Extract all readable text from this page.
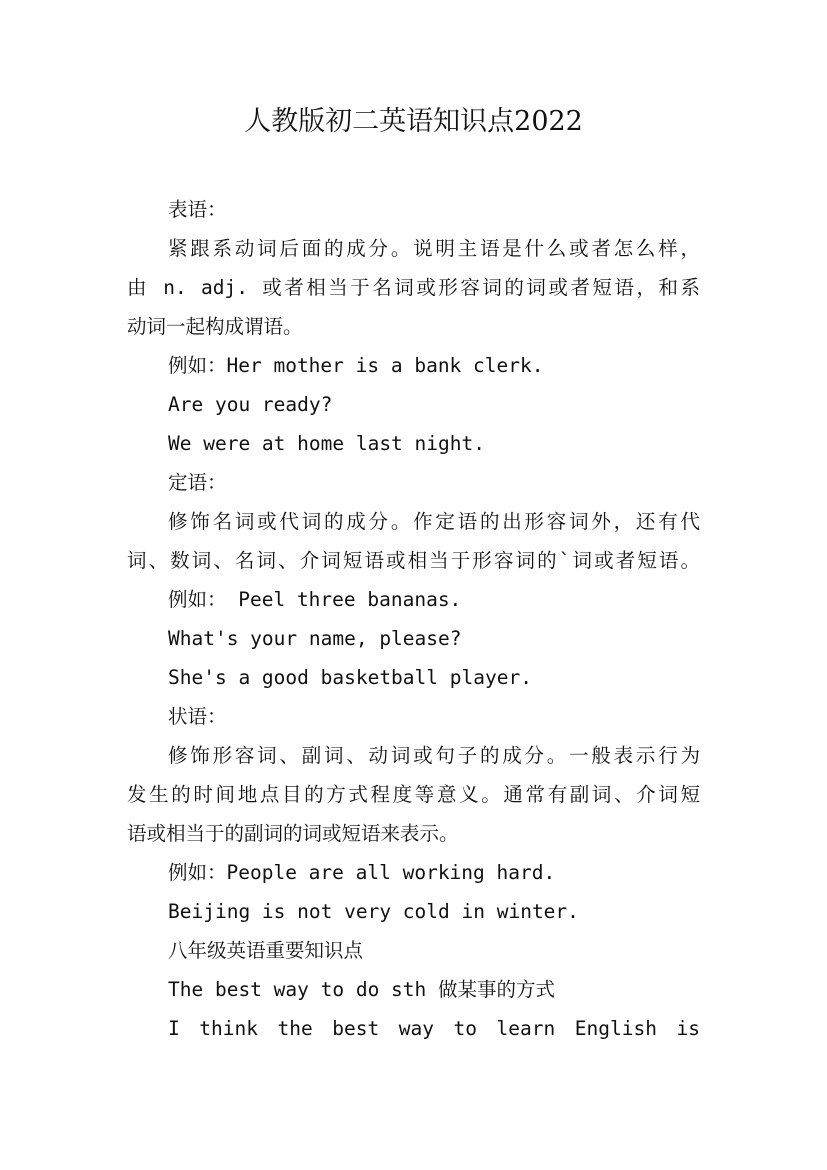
人教版初二英语知识点2022
表语：
紧跟系动词后面的成分。说明主语是什么或者怎么样，
由 n. adj. 或者相当于名词或形容词的词或者短语，和系
动词一起构成谓语。
例如：Her mother is a bank clerk.
Are you ready?
We were at home last night.
定语：
修饰名词或代词的成分。作定语的出形容词外，还有代
词、数词、名词、介词短语或相当于形容词的`词或者短语。
例如： Peel three bananas.
What's your name, please?
She's a good basketball player.
状语：
修饰形容词、副词、动词或句子的成分。一般表示行为
发生的时间地点目的方式程度等意义。通常有副词、介词短
语或相当于的副词的词或短语来表示。
例如：People are all working hard.
Beijing is not very cold in winter.
八年级英语重要知识点
The best way to do sth 做某事的方式
I think the best way to learn English is
